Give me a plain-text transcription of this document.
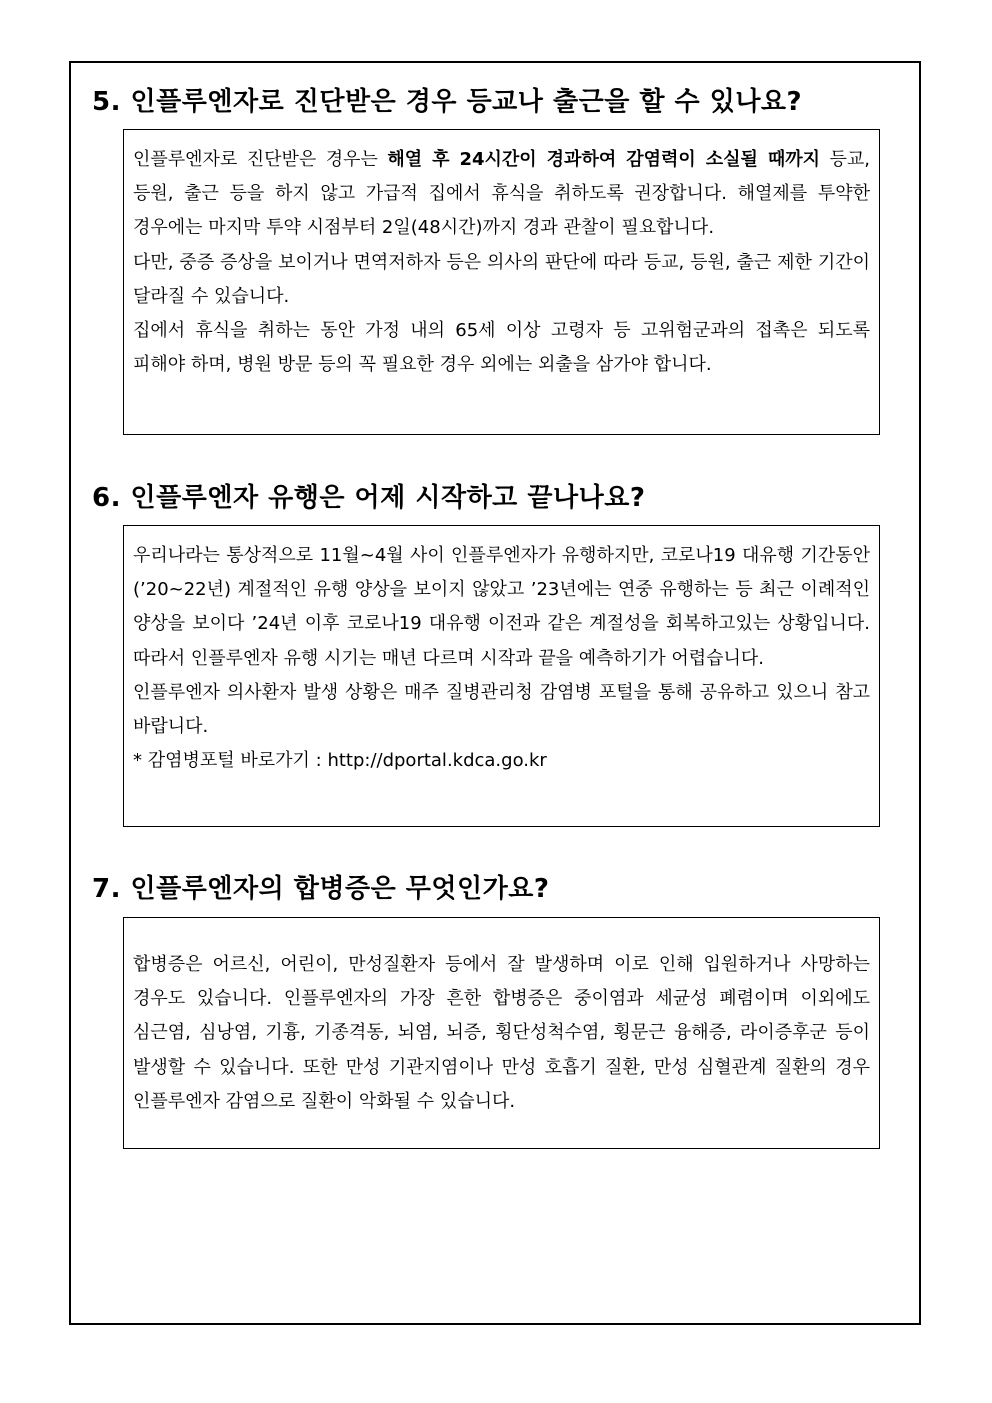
5. 인플루엔자로 진단받은 경우 등교나 출근을 할 수 있나요?

인플루엔자로 진단받은 경우는 해열 후 24시간이 경과하여 감염력이 소실될 때까지 등교, 등원, 출근 등을 하지 않고 가급적 집에서 휴식을 취하도록 권장합니다. 해열제를 투약한 경우에는 마지막 투약 시점부터 2일(48시간)까지 경과 관찰이 필요합니다.

다만, 중증 증상을 보이거나 면역저하자 등은 의사의 판단에 따라 등교, 등원, 출근 제한 기간이 달라질 수 있습니다.

집에서 휴식을 취하는 동안 가정 내의 65세 이상 고령자 등 고위험군과의 접촉은 되도록 피해야 하며, 병원 방문 등의 꼭 필요한 경우 외에는 외출을 삼가야 합니다.

6. 인플루엔자 유행은 어제 시작하고 끝나나요?

우리나라는 통상적으로 11월~4월 사이 인플루엔자가 유행하지만, 코로나19 대유행 기간동안(’20~22년) 계절적인 유행 양상을 보이지 않았고 ’23년에는 연중 유행하는 등 최근 이례적인 양상을 보이다 ’24년 이후 코로나19 대유행 이전과 같은 계절성을 회복하고있는 상황입니다. 따라서 인플루엔자 유행 시기는 매년 다르며 시작과 끝을 예측하기가 어렵습니다.

인플루엔자 의사환자 발생 상황은 매주 질병관리청 감염병 포털을 통해 공유하고 있으니 참고 바랍니다.

* 감염병포털 바로가기 : http://dportal.kdca.go.kr

7. 인플루엔자의 합병증은 무엇인가요?

합병증은 어르신, 어린이, 만성질환자 등에서 잘 발생하며 이로 인해 입원하거나 사망하는 경우도 있습니다. 인플루엔자의 가장 흔한 합병증은 중이염과 세균성 폐렴이며 이외에도 심근염, 심낭염, 기흉, 기종격동, 뇌염, 뇌증, 횡단성척수염, 횡문근 융해증, 라이증후군 등이 발생할 수 있습니다. 또한 만성 기관지염이나 만성 호흡기 질환, 만성 심혈관계 질환의 경우 인플루엔자 감염으로 질환이 악화될 수 있습니다.
